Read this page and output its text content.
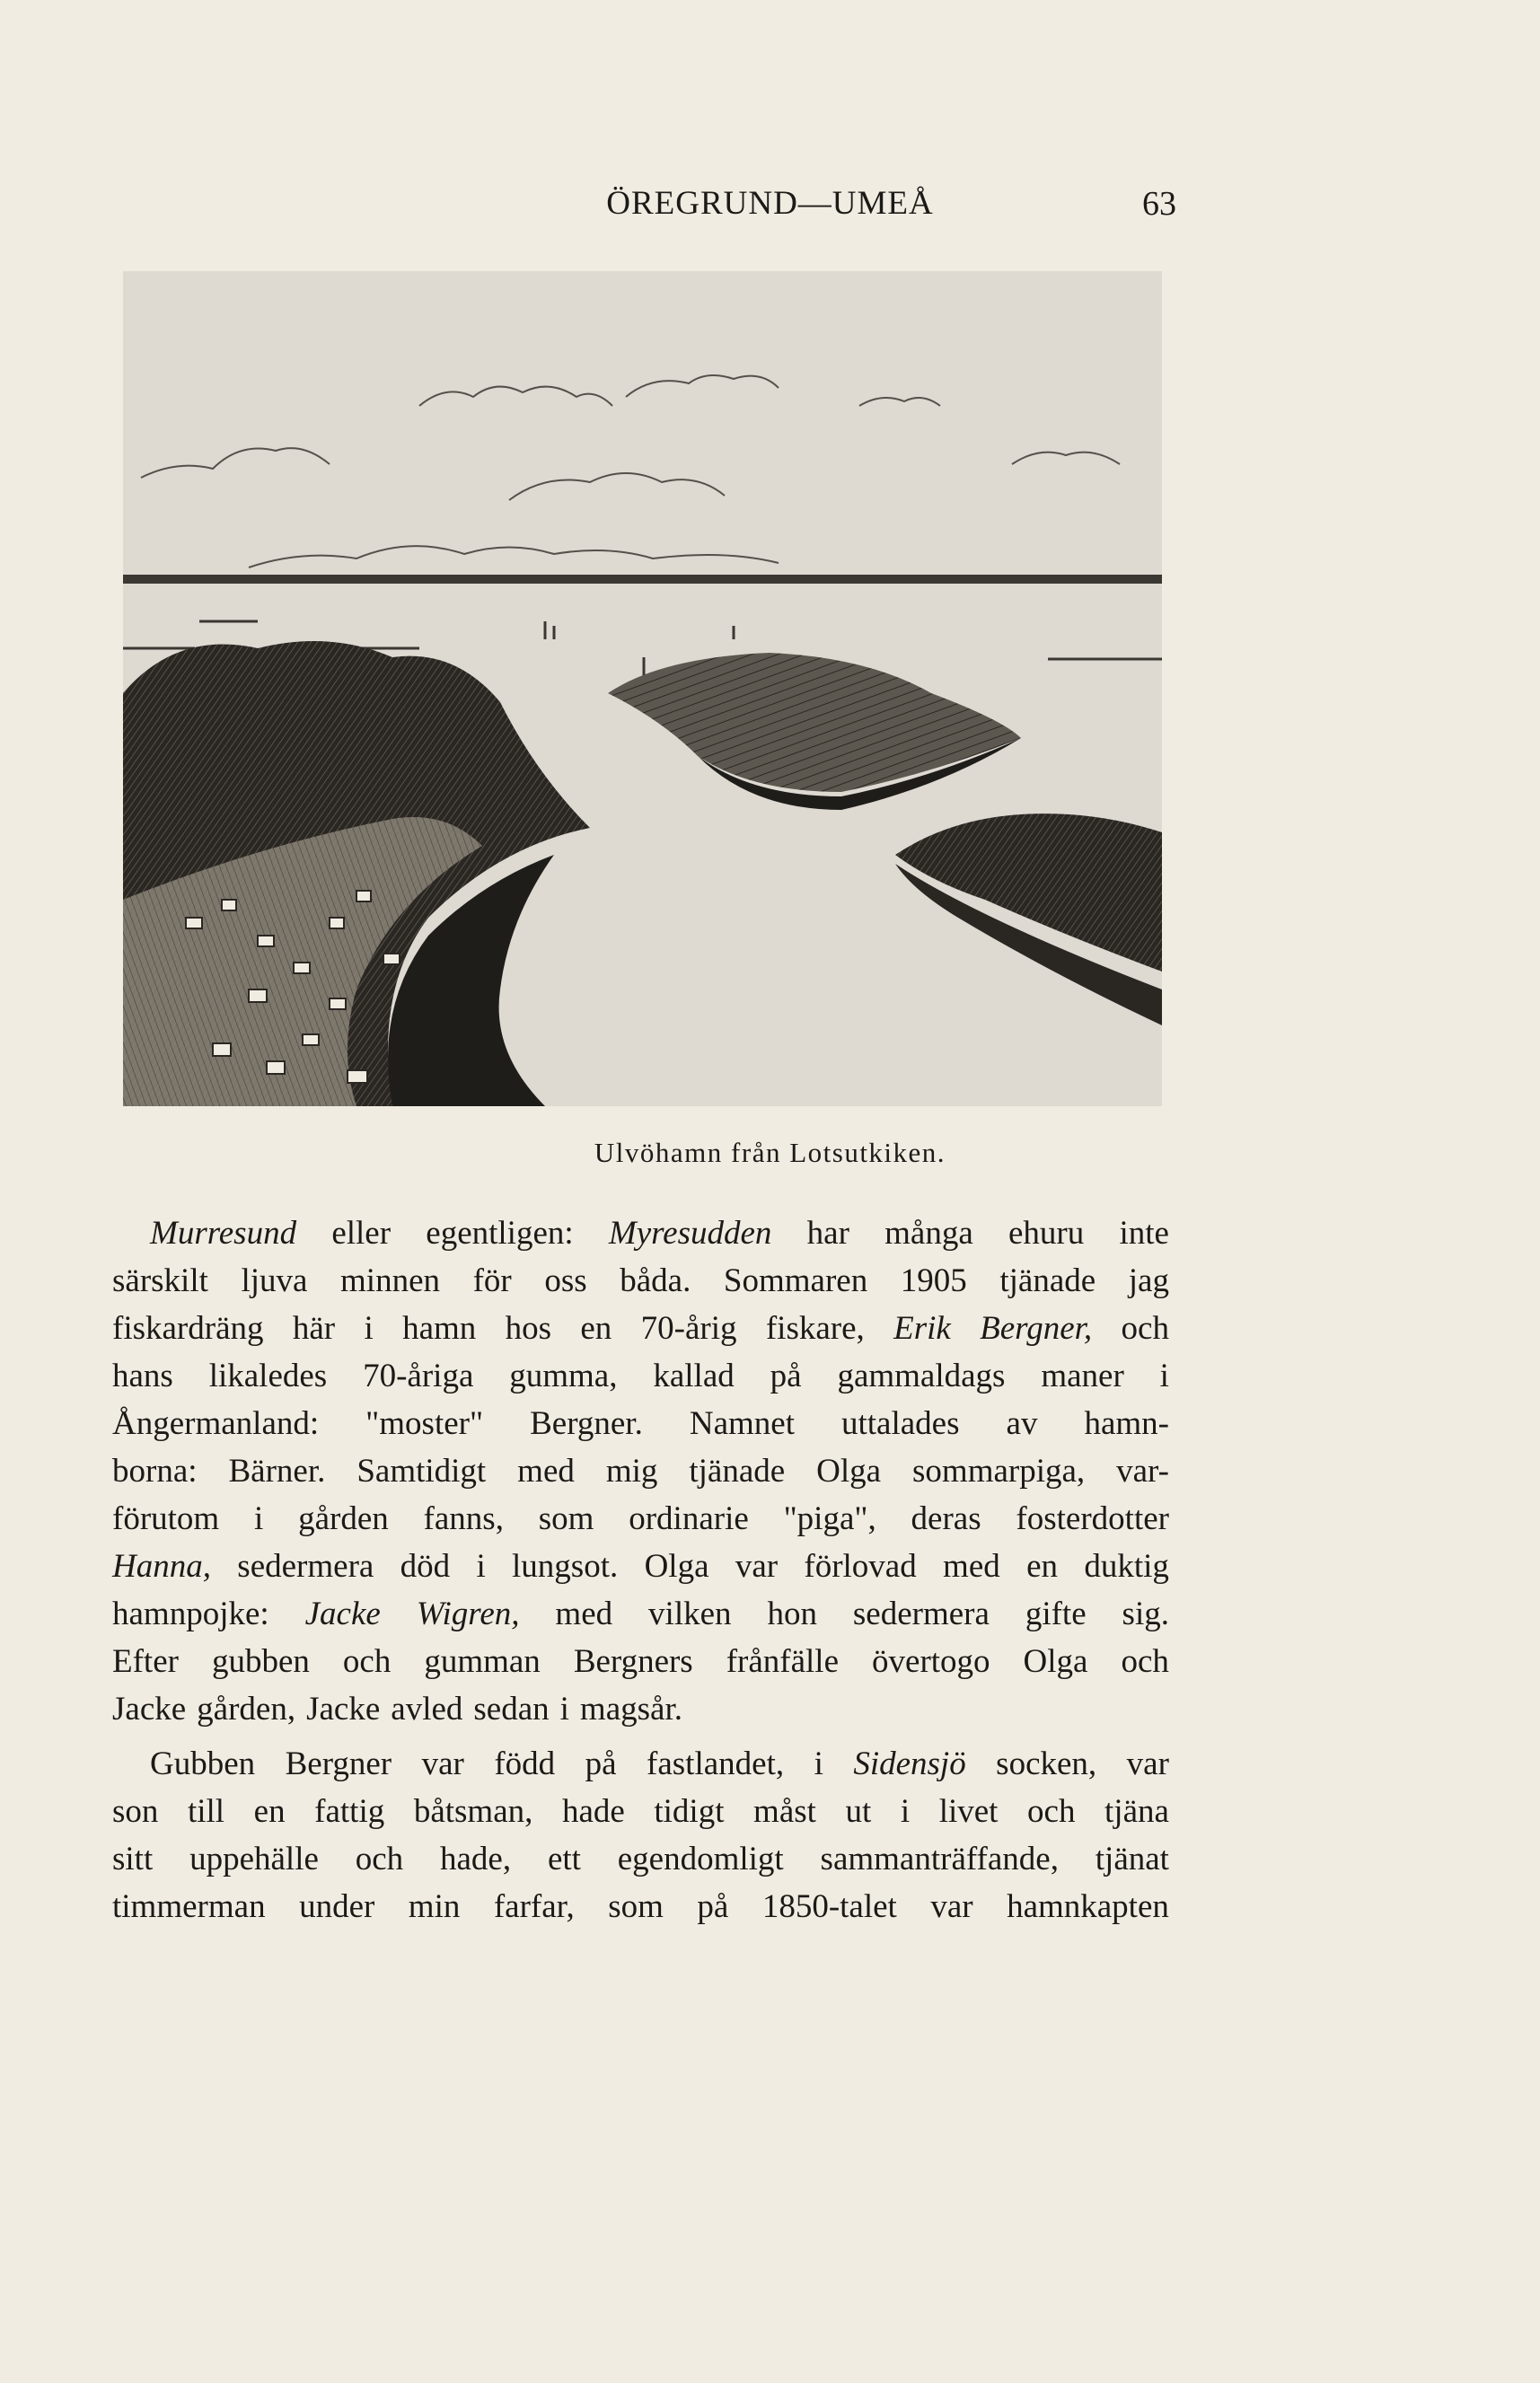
ÖREGRUND—UMEÅ	63
Ulvöhamn från Lotsutkiken.
Murresund eller egentligen: Myresudden har många ehuru inte
särskilt ljuva minnen för oss båda. Sommaren 1905 tjänade jag
fiskardräng här i hamn hos en 70-årig fiskare, Erik Bergner, och
hans likaledes 70-åriga gumma, kallad på gammaldags maner i
Ångermanland: "moster" Bergner. Namnet uttalades av hamn-
borna: Bärner. Samtidigt med mig tjänade Olga sommarpiga, var-
förutom i gården fanns, som ordinarie "piga", deras fosterdotter
Hanna, sedermera död i lungsot. Olga var förlovad med en duktig
hamnpojke: Jacke Wigren, med vilken hon sedermera gifte sig.
Efter gubben och gumman Bergners frånfälle övertogo Olga och
Jacke gården, Jacke avled sedan i magsår.
Gubben Bergner var född på fastlandet, i Sidensjö socken, var
son till en fattig båtsman, hade tidigt måst ut i livet och tjäna
sitt uppehälle och hade, ett egendomligt sammanträffande, tjänat
timmerman under min farfar, som på 1850-talet var hamnkapten
